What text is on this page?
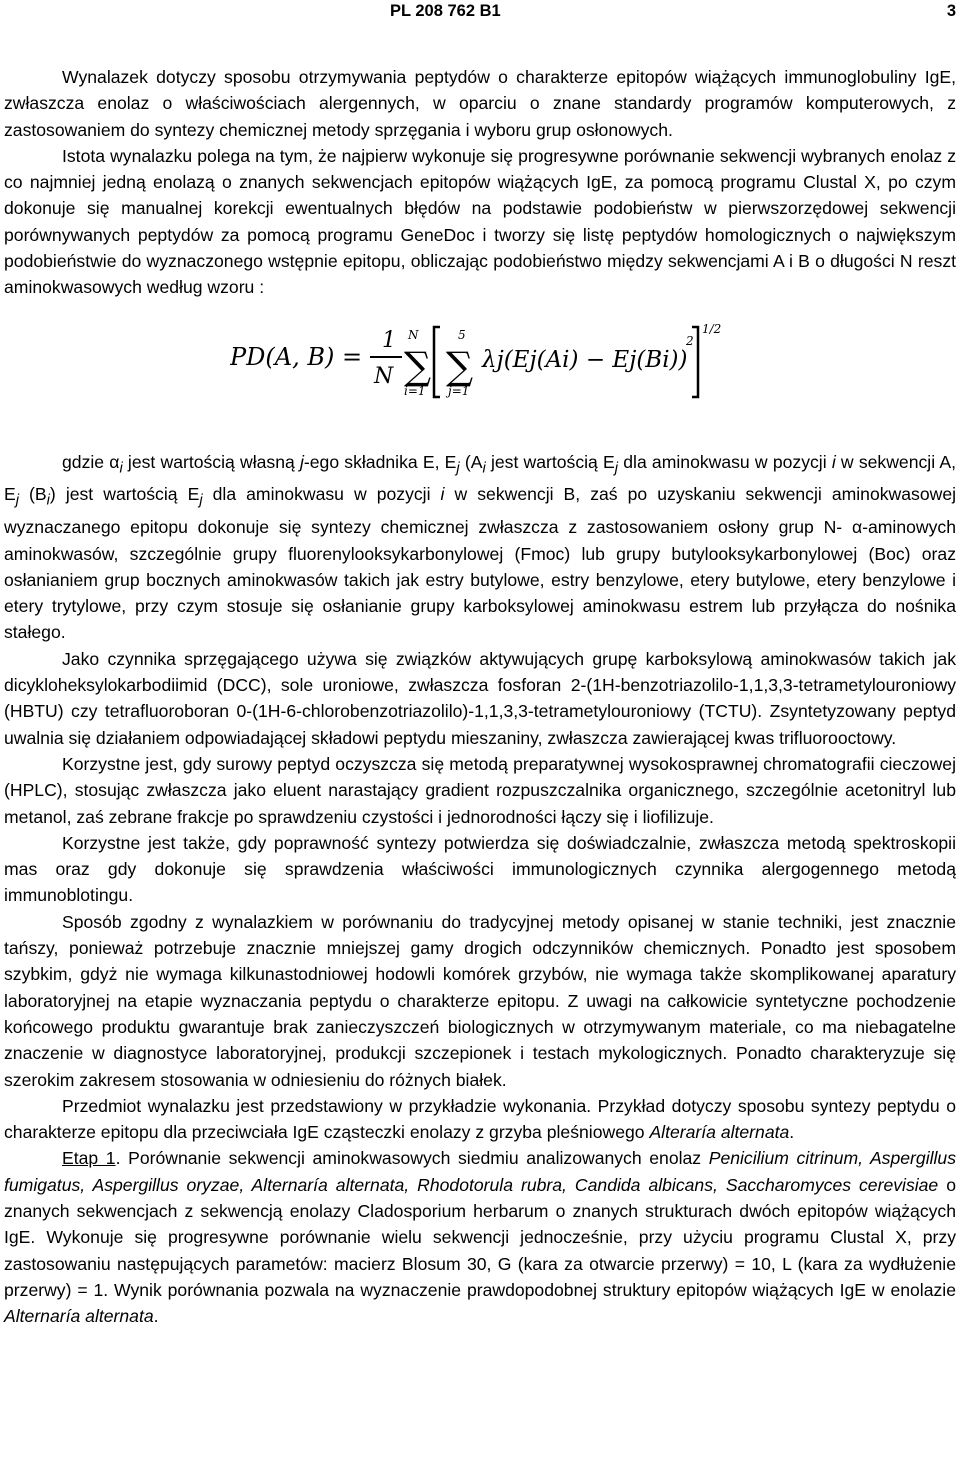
PL 208 762 B1	3

Wynalazek dotyczy sposobu otrzymywania peptydów o charakterze epitopów wiążących immunoglobuliny IgE, zwłaszcza enolaz o właściwościach alergennych, w oparciu o znane standardy programów komputerowych, z zastosowaniem do syntezy chemicznej metody sprzęgania i wyboru grup osłonowych.

Istota wynalazku polega na tym, że najpierw wykonuje się progresywne porównanie sekwencji wybranych enolaz z co najmniej jedną enolazą o znanych sekwencjach epitopów wiążących IgE, za pomocą programu Clustal X, po czym dokonuje się manualnej korekcji ewentualnych błędów na podstawie podobieństw w pierwszorzędowej sekwencji porównywanych peptydów za pomocą programu GeneDoc i tworzy się listę peptydów homologicznych o największym podobieństwie do wyznaczonego wstępnie epitopu, obliczając podobieństwo między sekwencjami A i B o długości N reszt aminokwasowych według wzoru :

PD(A, B) =
1
N
N
∑
i=1
5
∑
j=1
λj(Ej(Ai) − Ej(Bi))
2
1/2

gdzie $\alpha_i$ jest wartością własną j-ego składnika E, $E_j$ ($A_i$ jest wartością $E_j$ dla aminokwasu w pozycji i w sekwencji A, $E_j$ $(B_i)$ jest wartością $E_j$ dla aminokwasu w pozycji i w sekwencji B, zaś po uzyskaniu sekwencji aminokwasowej wyznaczanego epitopu dokonuje się syntezy chemicznej zwłaszcza z zastosowaniem osłony grup N- α-aminowych aminokwasów, szczególnie grupy fluorenylooksykarbonylowej (Fmoc) lub grupy butylooksykarbonylowej (Boc) oraz osłanianiem grup bocznych aminokwasów takich jak estry butylowe, estry benzylowe, etery butylowe, etery benzylowe i etery trytylowe, przy czym stosuje się osłanianie grupy karboksylowej aminokwasu estrem lub przyłącza do nośnika stałego.

Jako czynnika sprzęgającego używa się związków aktywujących grupę karboksylową aminokwasów takich jak dicykloheksylokarbodiimid (DCC), sole uroniowe, zwłaszcza fosforan 2-(1H-benzotriazolilo-1,1,3,3-tetrametylouroniowy (HBTU) czy tetrafluoroboran 0-(1H-6-chlorobenzotriazolilo)-1,1,3,3-tetrametylouroniowy (TCTU). Zsyntetyzowany peptyd uwalnia się działaniem odpowiadającej składowi peptydu mieszaniny, zwłaszcza zawierającej kwas trifluorooctowy.

Korzystne jest, gdy surowy peptyd oczyszcza się metodą preparatywnej wysokosprawnej chromatografii cieczowej (HPLC), stosując zwłaszcza jako eluent narastający gradient rozpuszczalnika organicznego, szczególnie acetonitryl lub metanol, zaś zebrane frakcje po sprawdzeniu czystości i jednorodności łączy się i liofilizuje.

Korzystne jest także, gdy poprawność syntezy potwierdza się doświadczalnie, zwłaszcza metodą spektroskopii mas oraz gdy dokonuje się sprawdzenia właściwości immunologicznych czynnika alergogennego metodą immunoblotingu.

Sposób zgodny z wynalazkiem w porównaniu do tradycyjnej metody opisanej w stanie techniki, jest znacznie tańszy, ponieważ potrzebuje znacznie mniejszej gamy drogich odczynników chemicznych. Ponadto jest sposobem szybkim, gdyż nie wymaga kilkunastodniowej hodowli komórek grzybów, nie wymaga także skomplikowanej aparatury laboratoryjnej na etapie wyznaczania peptydu o charakterze epitopu. Z uwagi na całkowicie syntetyczne pochodzenie końcowego produktu gwarantuje brak zanieczyszczeń biologicznych w otrzymywanym materiale, co ma niebagatelne znaczenie w diagnostyce laboratoryjnej, produkcji szczepionek i testach mykologicznych. Ponadto charakteryzuje się szerokim zakresem stosowania w odniesieniu do różnych białek.

Przedmiot wynalazku jest przedstawiony w przykładzie wykonania. Przykład dotyczy sposobu syntezy peptydu o charakterze epitopu dla przeciwciała IgE cząsteczki enolazy z grzyba pleśniowego Alteraría alternata.

Etap 1. Porównanie sekwencji aminokwasowych siedmiu analizowanych enolaz Penicilium citrinum, Aspergillus fumigatus, Aspergillus oryzae, Alternaría alternata, Rhodotorula rubra, Candida albicans, Saccharomyces cerevisiae o znanych sekwencjach z sekwencją enolazy Cladosporium herbarum o znanych strukturach dwóch epitopów wiążących IgE. Wykonuje się progresywne porównanie wielu sekwencji jednocześnie, przy użyciu programu Clustal X, przy zastosowaniu następujących parametów: macierz Blosum 30, G (kara za otwarcie przerwy) = 10, L (kara za wydłużenie przerwy) = 1. Wynik porównania pozwala na wyznaczenie prawdopodobnej struktury epitopów wiążących IgE w enolazie Alternaría alternata.
